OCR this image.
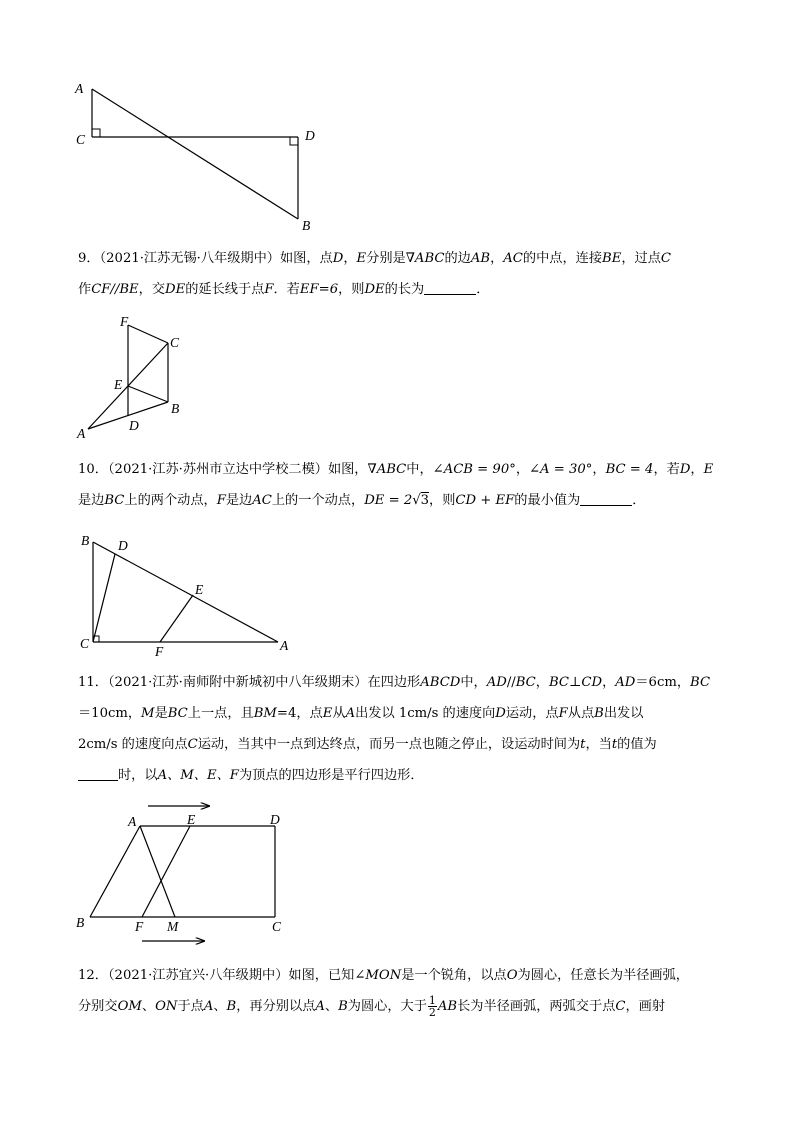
A
C	D
B
9．（2021·江苏无锡·八年级期中）如图，点D，E分别是∇ABC的边AB，AC的中点，连接BE，过点C
作CF//BE，交DE的延长线于点F．若EF=6，则DE的长为	．
F
C
E
B
A
D
10．（2021·江苏·苏州市立达中学校二模）如图，∇ABC中，∠ACB = 90°，∠A = 30°，BC = 4，若D，E
是边BC上的两个动点，F是边AC上的一个动点，DE = 2√3，则CD + EF的最小值为	．
B D
E
C
F	A
11．（2021·江苏·南师附中新城初中八年级期末）在四边形ABCD中，AD//BC，BC⊥CD，AD＝6cm，BC
＝10cm，M是BC上一点，且BM=4，点E从A出发以 1cm/s 的速度向D运动，点F从点B出发以
2cm/s 的速度向点C运动，当其中一点到达终点，而另一点也随之停止，设运动时间为t，当t的值为
时，以A、M、E、F为顶点的四边形是平行四边形．
A	E	D
B	F M	C
12．（2021·江苏宜兴·八年级期中）如图，已知∠MON是一个锐角，以点O为圆心，任意长为半径画弧，
分别交OM、ON于点A、B，再分别以点A、B为圆心，大于 $\frac{1}{2}$ AB长为半径画弧，两弧交于点C，画射
